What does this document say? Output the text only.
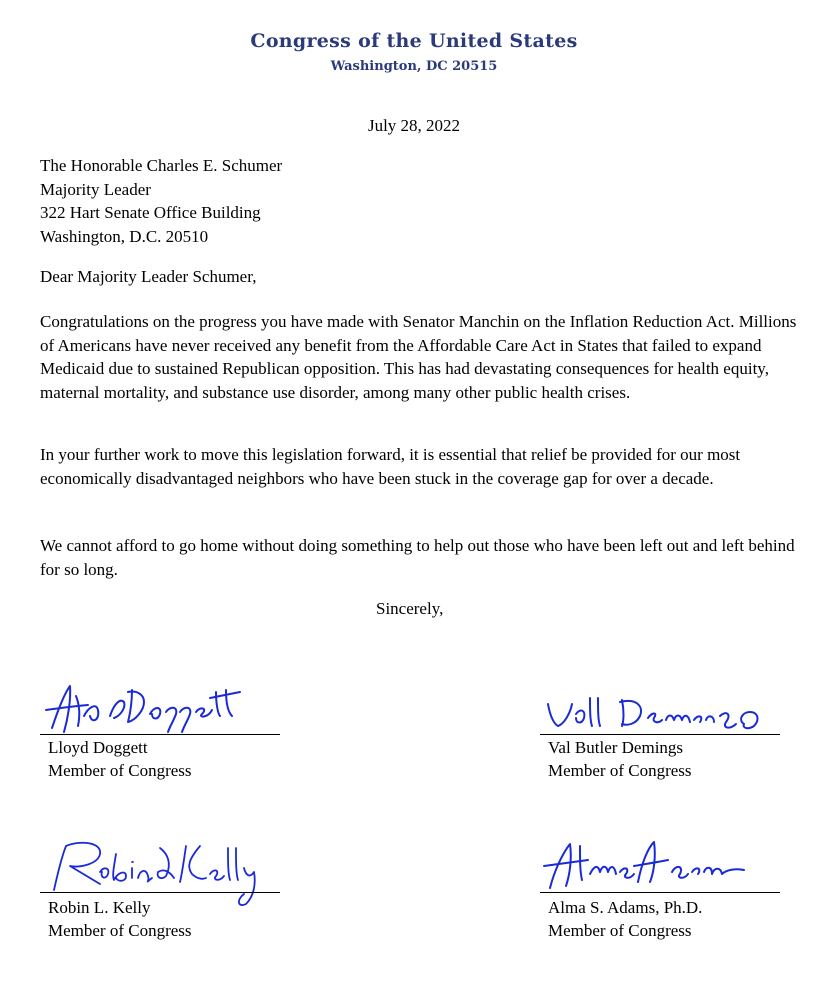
Congress of the United States
Washington, DC 20515
July 28, 2022
The Honorable Charles E. Schumer
Majority Leader
322 Hart Senate Office Building
Washington, D.C. 20510
Dear Majority Leader Schumer,
Congratulations on the progress you have made with Senator Manchin on the Inflation Reduction Act. Millions of Americans have never received any benefit from the Affordable Care Act in States that failed to expand Medicaid due to sustained Republican opposition. This has had devastating consequences for health equity, maternal mortality, and substance use disorder, among many other public health crises.
In your further work to move this legislation forward, it is essential that relief be provided for our most economically disadvantaged neighbors who have been stuck in the coverage gap for over a decade.
We cannot afford to go home without doing something to help out those who have been left out and left behind for so long.
Sincerely,
Lloyd Doggett
Member of Congress
Val Butler Demings
Member of Congress
Robin L. Kelly
Member of Congress
Alma S. Adams, Ph.D.
Member of Congress
